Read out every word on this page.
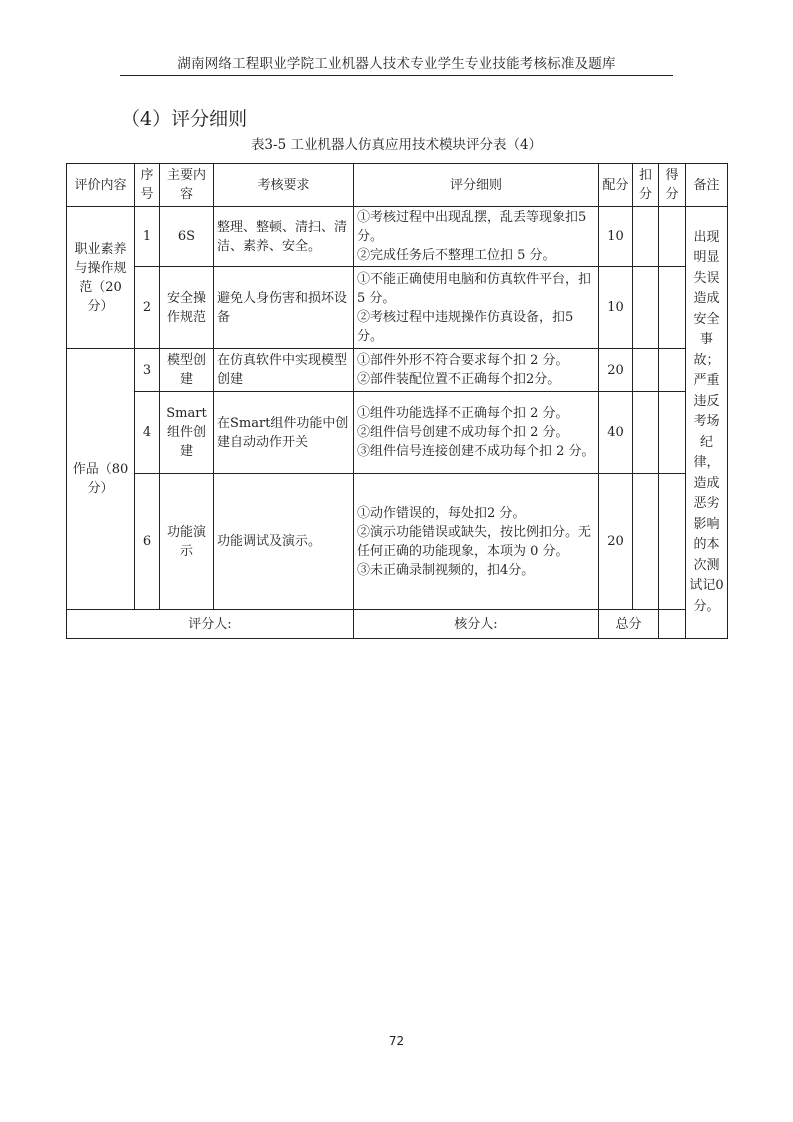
湖南网络工程职业学院工业机器人技术专业学生专业技能考核标准及题库
（4）评分细则
表3-5 工业机器人仿真应用技术模块评分表（4）
评价内容	序号	主要内容	考核要求	评分细则	配分	扣分	得分	备注	
职业素养与操作规范（20分）	1	6S	整理、整顿、清扫、清洁、素养、安全。	①考核过程中出现乱摆，乱丢等现象扣5 分。
②完成任务后不整理工位扣 5 分。	10			出现明显失误造成安全事故；严重违反考场纪律，造成恶劣影响的本次测试记0分。	

	2	安全操作规范	避免人身伤害和损坏设备	①不能正确使用电脑和仿真软件平台，扣 5 分。
②考核过程中违规操作仿真设备，扣5分。	10				
作品（80分）	3	模型创建	在仿真软件中实现模型创建	①部件外形不符合要求每个扣 2 分。
②部件装配位置不正确每个扣2分。	20				
	4	Smart组件创建	在Smart组件功能中创建自动动作开关	①组件功能选择不正确每个扣 2 分。
②组件信号创建不成功每个扣 2 分。
③组件信号连接创建不成功每个扣 2 分。	40				
	6	功能演示	功能调试及演示。	①动作错误的，每处扣2 分。
②演示功能错误或缺失，按比例扣分。无任何正确的功能现象，本项为 0 分。
③未正确录制视频的，扣4分。	20				
评分人:				核分人:	总分				
72
